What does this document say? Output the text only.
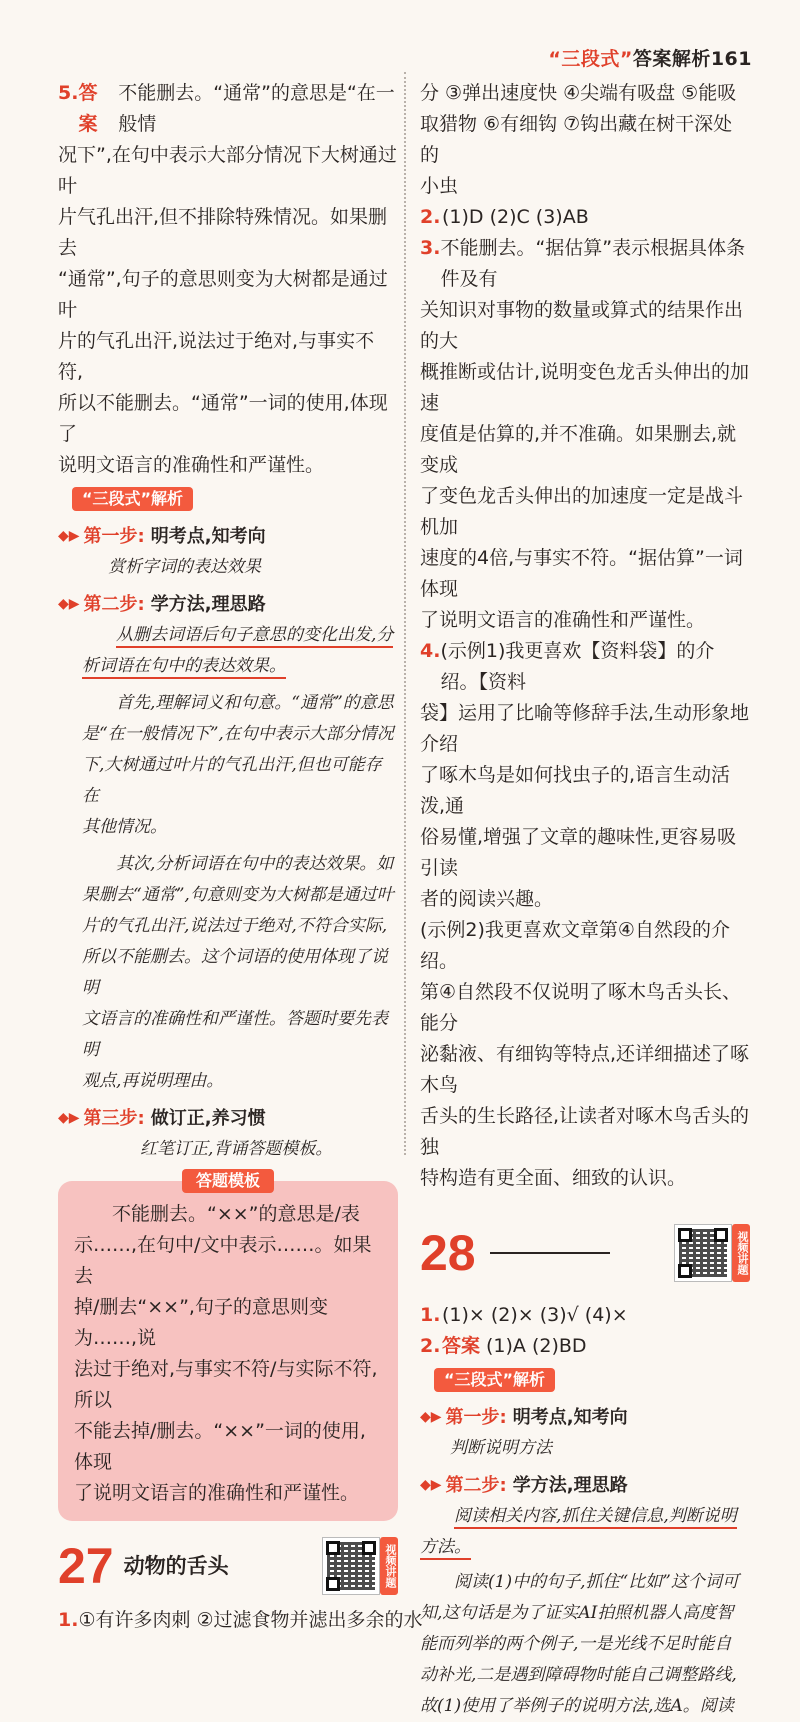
“三段式”答案解析161
5. 答案
不能删去。“通常”的意思是“在一般情
况下”,在句中表示大部分情况下大树通过叶
片气孔出汗,但不排除特殊情况。如果删去
“通常”,句子的意思则变为大树都是通过叶
片的气孔出汗,说法过于绝对,与事实不符,
所以不能删去。“通常”一词的使用,体现了
说明文语言的准确性和严谨性。
“三段式”解析
◆▶ 第一步: 明考点,知考向
赏析字词的表达效果
◆▶ 第二步: 学方法,理思路
从删去词语后句子意思的变化出发,分
析词语在句中的表达效果。
首先,理解词义和句意。“通常”的意思
是“在一般情况下”,在句中表示大部分情况
下,大树通过叶片的气孔出汗,但也可能存在
其他情况。
其次,分析词语在句中的表达效果。如
果删去“通常”,句意则变为大树都是通过叶
片的气孔出汗,说法过于绝对,不符合实际,
所以不能删去。这个词语的使用体现了说明
文语言的准确性和严谨性。答题时要先表明
观点,再说明理由。
◆▶ 第三步: 做订正,养习惯
红笔订正,背诵答题模板。
答题模板
不能删去。“××”的意思是/表
示……,在句中/文中表示……。如果去
掉/删去“××”,句子的意思则变为……,说
法过于绝对,与事实不符/与实际不符,所以
不能去掉/删去。“××”一词的使用,体现
了说明文语言的准确性和严谨性。
27 动物的舌头	视频讲题
1. ①有许多肉刺 ②过滤食物并滤出多余的水
分 ③弹出速度快 ④尖端有吸盘 ⑤能吸
取猎物 ⑥有细钩 ⑦钩出藏在树干深处的
小虫
2. (1)D (2)C (3)AB
3. 不能删去。“据估算”表示根据具体条件及有
关知识对事物的数量或算式的结果作出的大
概推断或估计,说明变色龙舌头伸出的加速
度值是估算的,并不准确。如果删去,就变成
了变色龙舌头伸出的加速度一定是战斗机加
速度的4倍,与事实不符。“据估算”一词体现
了说明文语言的准确性和严谨性。
4. (示例1)我更喜欢【资料袋】的介绍。【资料
袋】运用了比喻等修辞手法,生动形象地介绍
了啄木鸟是如何找虫子的,语言生动活泼,通
俗易懂,增强了文章的趣味性,更容易吸引读
者的阅读兴趣。
(示例2)我更喜欢文章第④自然段的介绍。
第④自然段不仅说明了啄木鸟舌头长、能分
泌黏液、有细钩等特点,还详细描述了啄木鸟
舌头的生长路径,让读者对啄木鸟舌头的独
特构造有更全面、细致的认识。
28	视频讲题
1. (1)× (2)× (3)√ (4)×
2. 答案 (1)A (2)BD
“三段式”解析
◆▶ 第一步: 明考点,知考向
判断说明方法
◆▶ 第二步: 学方法,理思路
阅读相关内容,抓住关键信息,判断说明
方法。
阅读(1)中的句子,抓住“比如”这个词可
知,这句话是为了证实AI拍照机器人高度智
能而列举的两个例子,一是光线不足时能自
动补光,二是遇到障碍物时能自己调整路线,
故(1)使用了举例子的说明方法,选A。阅读
